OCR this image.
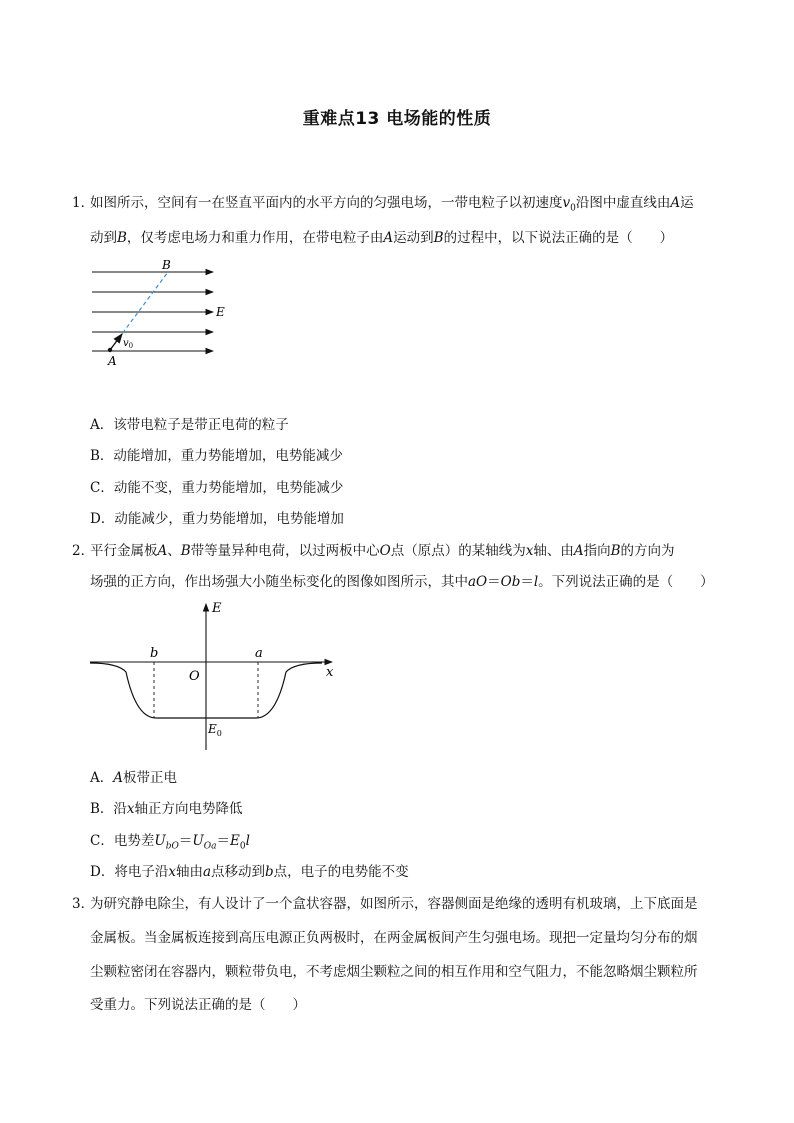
重难点13 电场能的性质
1．
如图所示，空间有一在竖直平面内的水平方向的匀强电场，一带电粒子以初速度$v_0$沿图中虚直线由A运
动到B，仅考虑电场力和重力作用，在带电粒子由A运动到B的过程中，以下说法正确的是（　　）
B
E
A
$v_0$
A．该带电粒子是带正电荷的粒子
B．动能增加，重力势能增加，电势能减少
C．动能不变，重力势能增加，电势能减少
D．动能减少，重力势能增加，电势能增加
2．
平行金属板A、B带等量异种电荷，以过两板中心O点（原点）的某轴线为x轴、由A指向B的方向为
场强的正方向，作出场强大小随坐标变化的图像如图所示，其中aO＝Ob＝l。下列说法正确的是（　　）
E
b	a
O	x
$E_0$
A．A板带正电
B．沿x轴正方向电势降低
C．电势差$U_{bO}=U_{Oa}=E_0l$
D．将电子沿x轴由a点移动到b点，电子的电势能不变
3．
为研究静电除尘，有人设计了一个盒状容器，如图所示，容器侧面是绝缘的透明有机玻璃，上下底面是
金属板。当金属板连接到高压电源正负两极时，在两金属板间产生匀强电场。现把一定量均匀分布的烟
尘颗粒密闭在容器内，颗粒带负电，不考虑烟尘颗粒之间的相互作用和空气阻力，不能忽略烟尘颗粒所
受重力。下列说法正确的是（　　）
